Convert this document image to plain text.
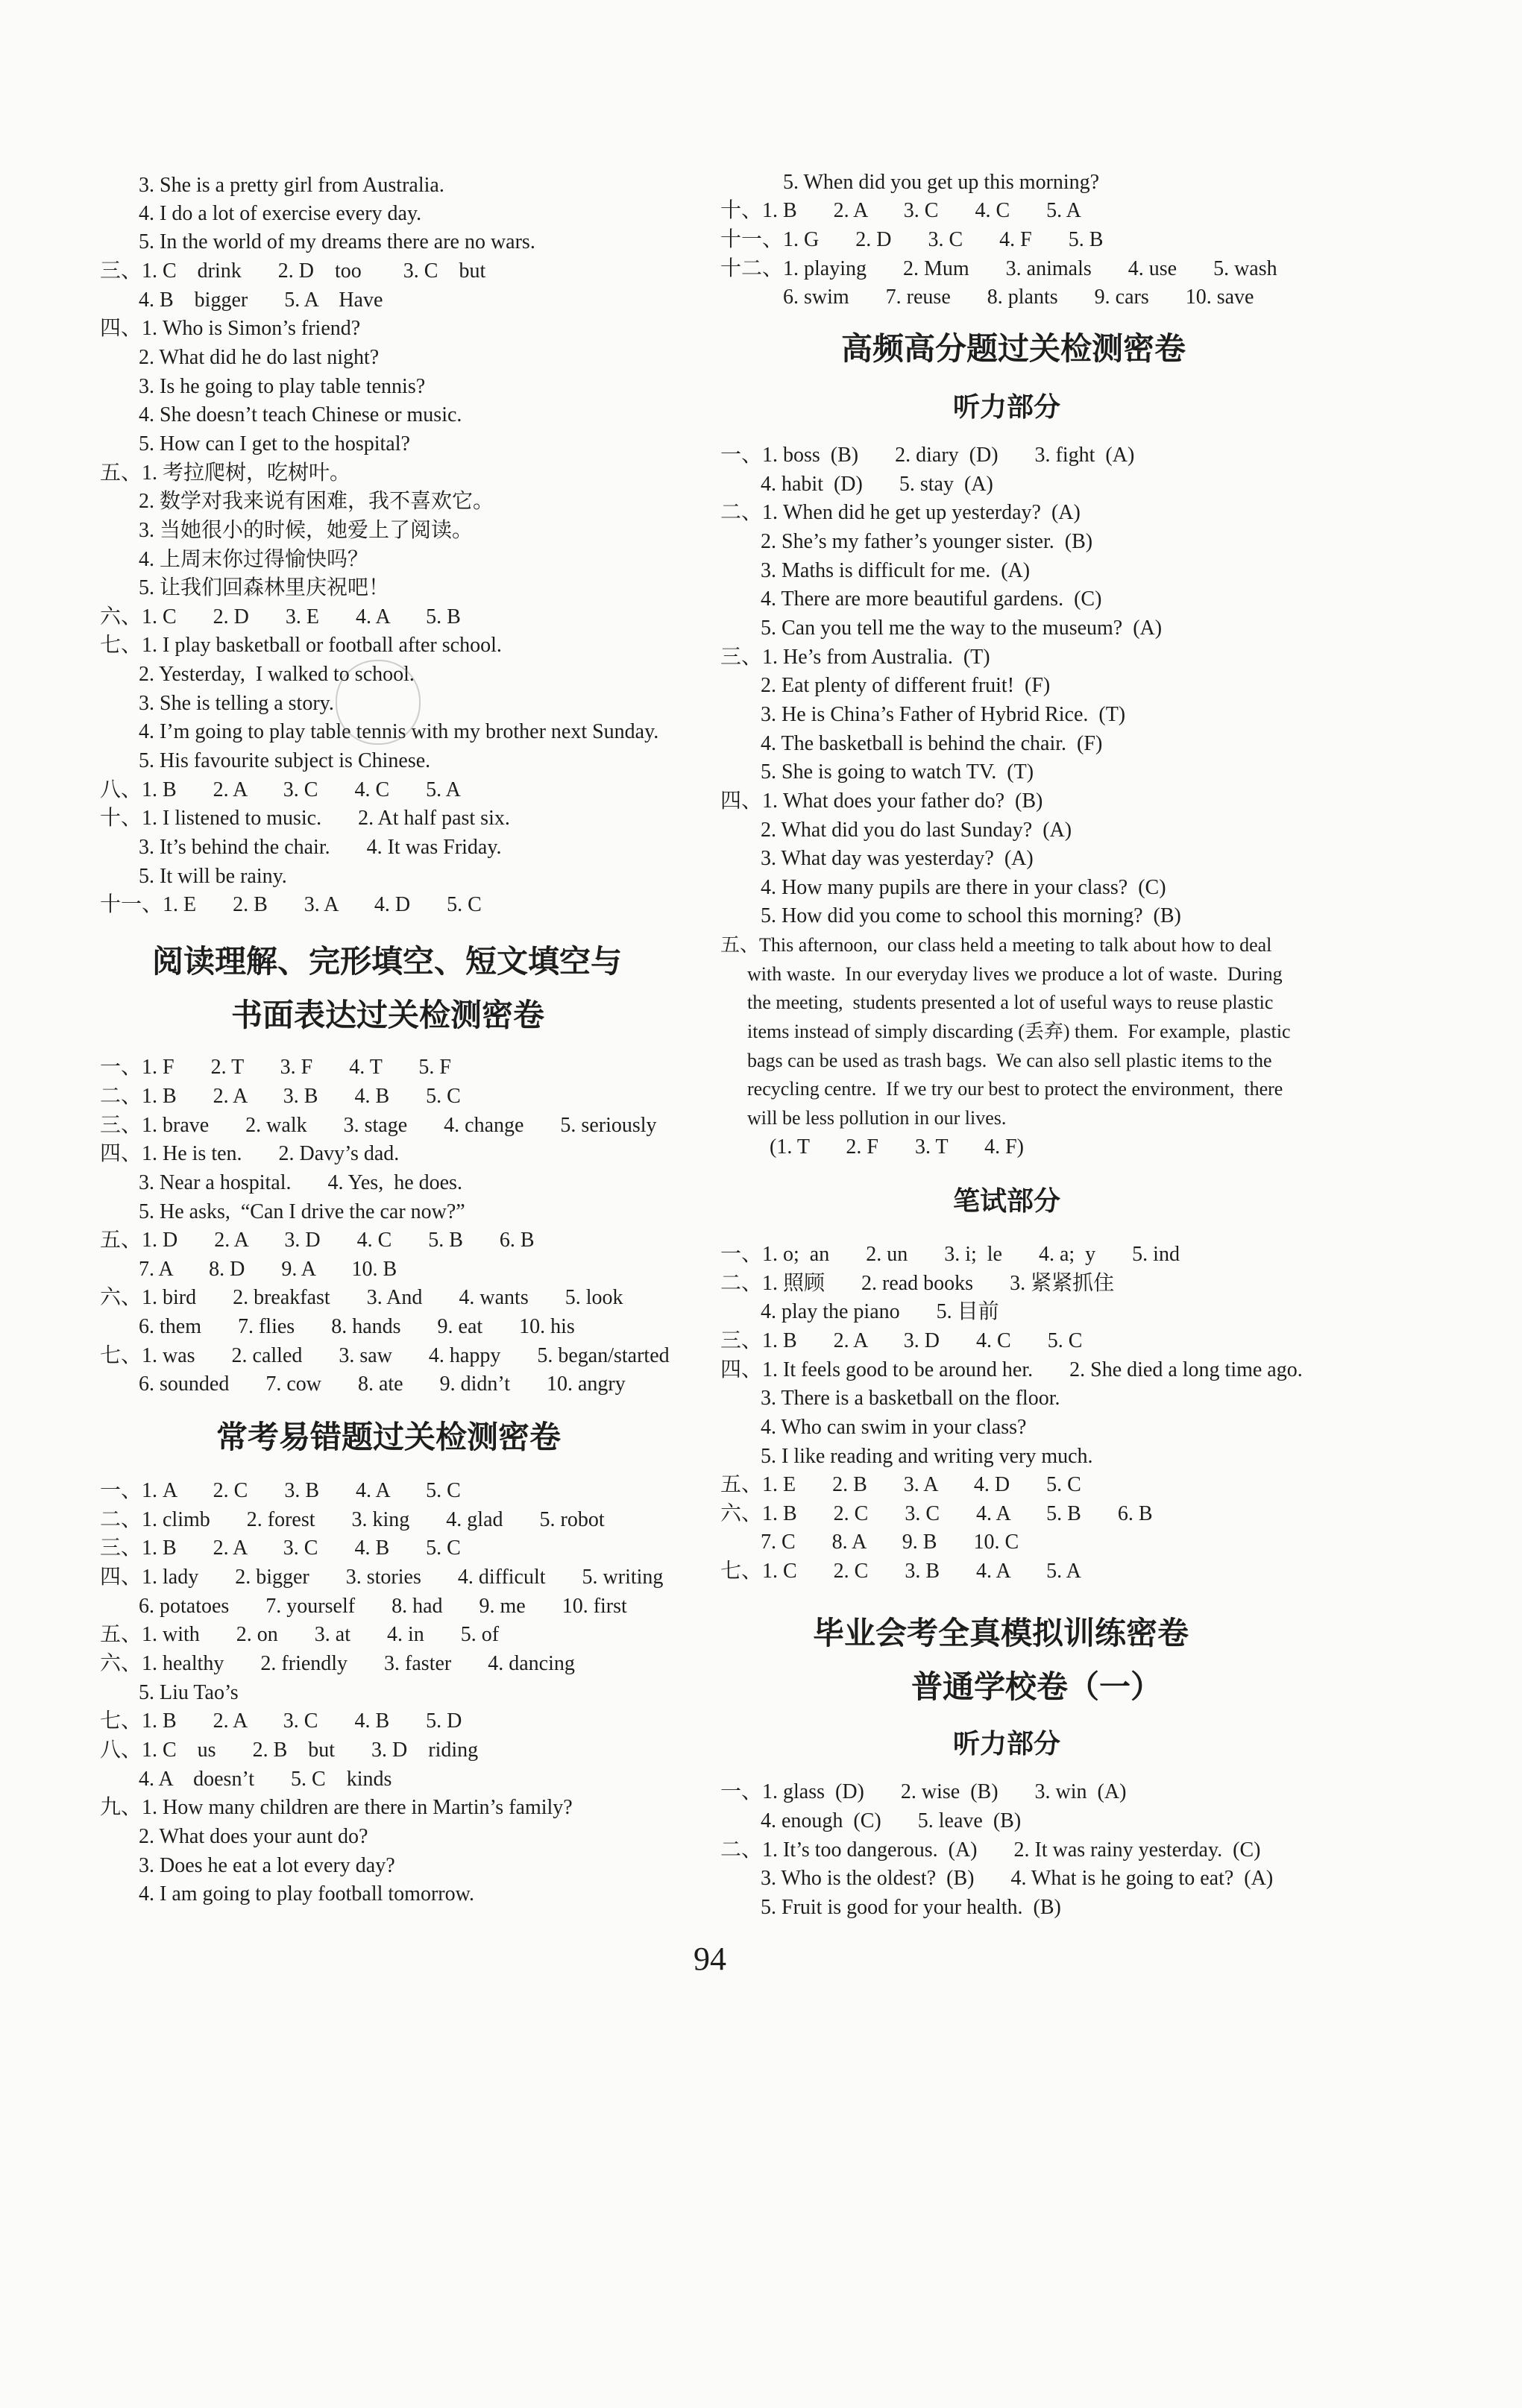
3. She is a pretty girl from Australia.
4. I do a lot of exercise every day.
5. In the world of my dreams there are no wars.
三、1. C    drink       2. D    too        3. C    but
4. B    bigger       5. A    Have
四、1. Who is Simon’s friend?
2. What did he do last night?
3. Is he going to play table tennis?
4. She doesn’t teach Chinese or music.
5. How can I get to the hospital?
五、1. 考拉爬树，吃树叶。
2. 数学对我来说有困难，我不喜欢它。
3. 当她很小的时候，她爱上了阅读。
4. 上周末你过得愉快吗？
5. 让我们回森林里庆祝吧！
六、1. C       2. D       3. E       4. A       5. B
七、1. I play basketball or football after school.
2. Yesterday,  I walked to school.
3. She is telling a story.
4. I’m going to play table tennis with my brother next Sunday.
5. His favourite subject is Chinese.
八、1. B       2. A       3. C       4. C       5. A
十、1. I listened to music.       2. At half past six.
3. It’s behind the chair.       4. It was Friday.
5. It will be rainy.
十一、1. E       2. B       3. A       4. D       5. C
阅读理解、完形填空、短文填空与
书面表达过关检测密卷
一、1. F       2. T       3. F       4. T       5. F
二、1. B       2. A       3. B       4. B       5. C
三、1. brave       2. walk       3. stage       4. change       5. seriously
四、1. He is ten.       2. Davy’s dad.
3. Near a hospital.       4. Yes,  he does.
5. He asks,  “Can I drive the car now?”
五、1. D       2. A       3. D       4. C       5. B       6. B
7. A       8. D       9. A       10. B
六、1. bird       2. breakfast       3. And       4. wants       5. look
6. them       7. flies       8. hands       9. eat       10. his
七、1. was       2. called       3. saw       4. happy       5. began/started
6. sounded       7. cow       8. ate       9. didn’t       10. angry
常考易错题过关检测密卷
一、1. A       2. C       3. B       4. A       5. C
二、1. climb       2. forest       3. king       4. glad       5. robot
三、1. B       2. A       3. C       4. B       5. C
四、1. lady       2. bigger       3. stories       4. difficult       5. writing
6. potatoes       7. yourself       8. had       9. me       10. first
五、1. with       2. on       3. at       4. in       5. of
六、1. healthy       2. friendly       3. faster       4. dancing
5. Liu Tao’s
七、1. B       2. A       3. C       4. B       5. D
八、1. C    us       2. B    but       3. D    riding
4. A    doesn’t       5. C    kinds
九、1. How many children are there in Martin’s family?
2. What does your aunt do?
3. Does he eat a lot every day?
4. I am going to play football tomorrow.
5. When did you get up this morning?
十、1. B       2. A       3. C       4. C       5. A
十一、1. G       2. D       3. C       4. F       5. B
十二、1. playing       2. Mum       3. animals       4. use       5. wash
6. swim       7. reuse       8. plants       9. cars       10. save
高频高分题过关检测密卷
听力部分
一、1. boss  (B)       2. diary  (D)       3. fight  (A)
4. habit  (D)       5. stay  (A)
二、1. When did he get up yesterday?  (A)
2. She’s my father’s younger sister.  (B)
3. Maths is difficult for me.  (A)
4. There are more beautiful gardens.  (C)
5. Can you tell me the way to the museum?  (A)
三、1. He’s from Australia.  (T)
2. Eat plenty of different fruit!  (F)
3. He is China’s Father of Hybrid Rice.  (T)
4. The basketball is behind the chair.  (F)
5. She is going to watch TV.  (T)
四、1. What does your father do?  (B)
2. What did you do last Sunday?  (A)
3. What day was yesterday?  (A)
4. How many pupils are there in your class?  (C)
5. How did you come to school this morning?  (B)
五、This afternoon,  our class held a meeting to talk about how to deal
with waste.  In our everyday lives we produce a lot of waste.  During
the meeting,  students presented a lot of useful ways to reuse plastic
items instead of simply discarding (丢弃) them.  For example,  plastic
bags can be used as trash bags.  We can also sell plastic items to the
recycling centre.  If we try our best to protect the environment,  there
will be less pollution in our lives.
(1. T       2. F       3. T       4. F)
笔试部分
一、1. o;  an       2. un       3. i;  le       4. a;  y       5. ind
二、1. 照顾       2. read books       3. 紧紧抓住
4. play the piano       5. 目前
三、1. B       2. A       3. D       4. C       5. C
四、1. It feels good to be around her.       2. She died a long time ago.
3. There is a basketball on the floor.
4. Who can swim in your class?
5. I like reading and writing very much.
五、1. E       2. B       3. A       4. D       5. C
六、1. B       2. C       3. C       4. A       5. B       6. B
7. C       8. A       9. B       10. C
七、1. C       2. C       3. B       4. A       5. A
毕业会考全真模拟训练密卷
普通学校卷（一）
听力部分
一、1. glass  (D)       2. wise  (B)       3. win  (A)
4. enough  (C)       5. leave  (B)
二、1. It’s too dangerous.  (A)       2. It was rainy yesterday.  (C)
3. Who is the oldest?  (B)       4. What is he going to eat?  (A)
5. Fruit is good for your health.  (B)
94
